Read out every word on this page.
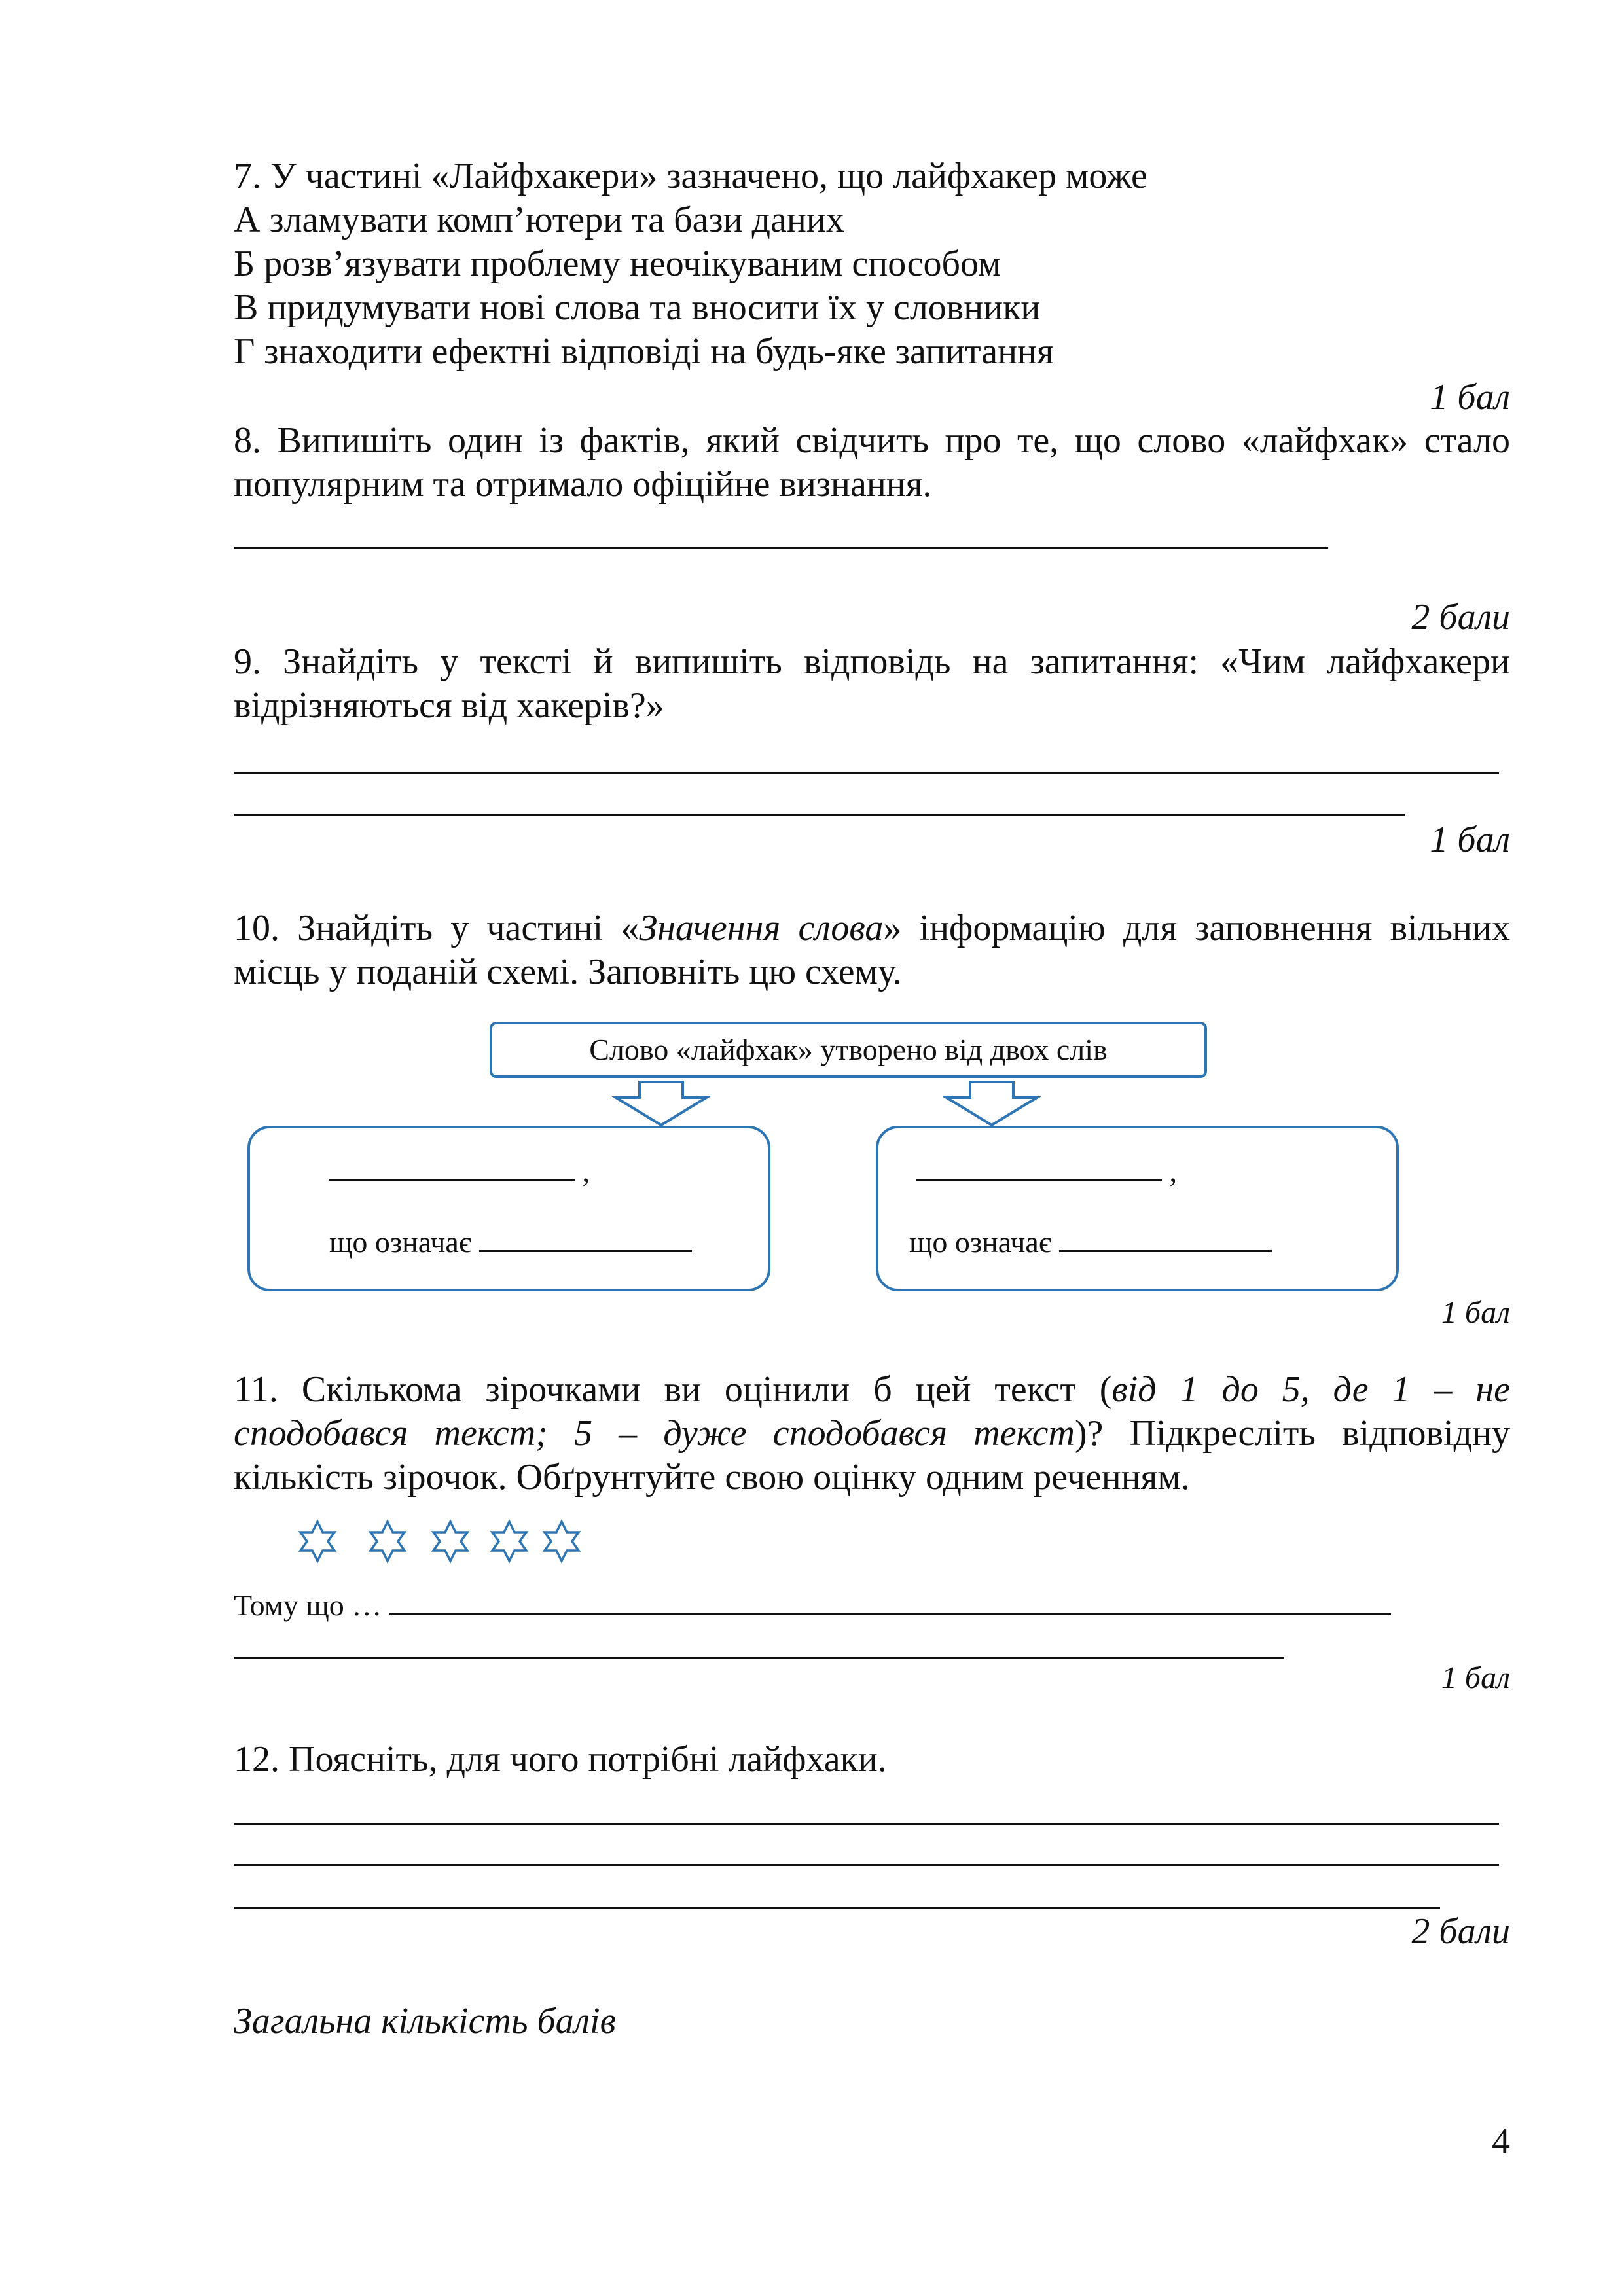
7. У частині «Лайфхакери» зазначено, що лайфхакер може
А зламувати комп’ютери та бази даних
Б розв’язувати проблему неочікуваним способом
В придумувати нові слова та вносити їх у словники
Г знаходити ефектні відповіді на будь-яке запитання
1 бал
8. Випишіть один із фактів, який свідчить про те, що слово «лайфхак» стало
популярним та отримало офіційне визнання.
2 бали
9. Знайдіть у тексті й випишіть відповідь на запитання: «Чим лайфхакери
відрізняються від хакерів?»
1 бал
10. Знайдіть у частині «Значення слова» інформацію для заповнення вільних
місць у поданій схемі. Заповніть цю схему.
Слово «лайфхак» утворено від двох слів
,
що означає
,
що означає
1 бал
11. Скількома зірочками ви оцінили б цей текст (від 1 до 5, де 1 – не
сподобався текст; 5 – дуже сподобався текст)? Підкресліть відповідну
кількість зірочок. Обґрунтуйте свою оцінку одним реченням.
Тому що …
1 бал
12. Поясніть, для чого потрібні лайфхаки.
2 бали
Загальна кількість балів
4
